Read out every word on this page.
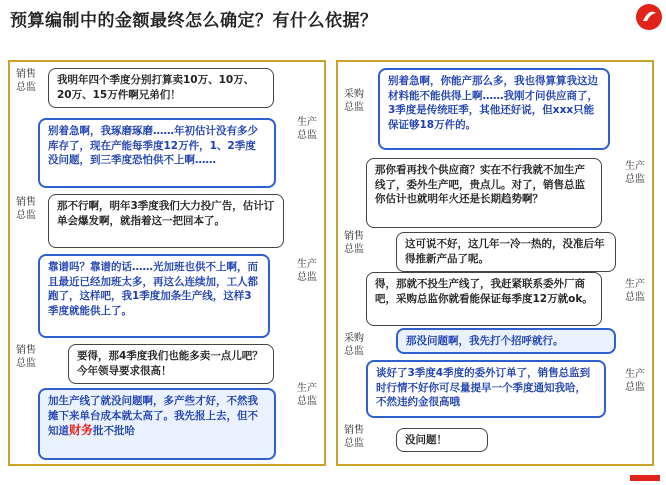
预算编制中的金额最终怎么确定？有什么依据？
销售总监
我明年四个季度分别打算卖10万、10万、20万、15万件啊兄弟们！
生产总监
别着急啊，我琢磨琢磨……年初估计没有多少库存了，现在产能每季度12万件，1、2季度没问题，到三季度恐怕供不上啊……
销售总监
那不行啊，明年3季度我们大力投广告，估计订单会爆发啊，就指着这一把回本了。
生产总监
靠谱吗？靠谱的话……光加班也供不上啊，而且最近已经加班太多，再这么连续加，工人都跑了，这样吧，我1季度加条生产线，这样3季度就能供上了。
销售总监
要得，那4季度我们也能多卖一点儿吧？今年领导要求很高！
生产总监
加生产线了就没问题啊，多产些才好，不然我摊下来单台成本就太高了。我先报上去，但不知道财务批不批哈
采购总监
别着急啊，你能产那么多，我也得算算我这边材料能不能供得上啊……我刚才问供应商了，3季度是传统旺季，其他还好说，但xxx只能保证够18万件的。
生产总监
那你看再找个供应商？实在不行我就不加生产线了，委外生产吧，贵点儿。对了，销售总监你估计也就明年火还是长期趋势啊？
销售总监	这可说不好，这几年一冷一热的，没准后年得推新产品了呢。
生产总监
得，那就不投生产线了，我赶紧联系委外厂商吧，采购总监你就看能保证每季度12万就ok。
采购总监
那没问题啊，我先打个招呼就行。
生产总监
谈好了3季度4季度的委外订单了，销售总监到时行情不好你可尽量提早一个季度通知我哈，不然违约金很高哦
销售总监	没问题！
